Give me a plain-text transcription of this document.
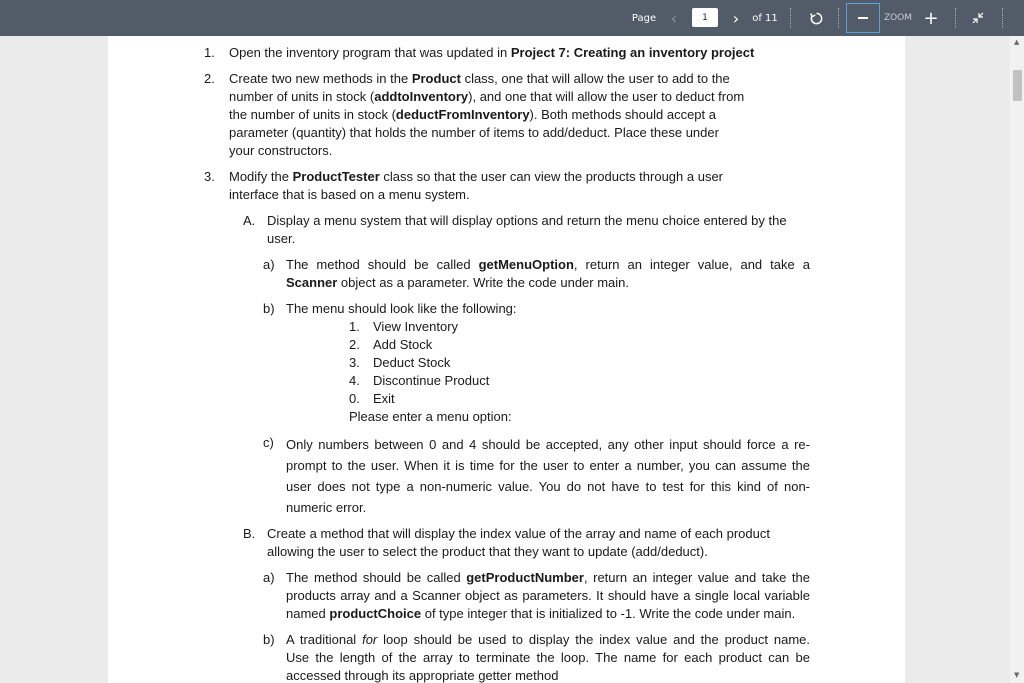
Page ‹
1	›	of 11	ZOOM +
1. Open the inventory program that was updated in Project 7: Creating an inventory project
2. Create two new methods in the Product class, one that will allow the user to add to the
number of units in stock (addtoInventory), and one that will allow the user to deduct from
the number of units in stock (deductFromInventory). Both methods should accept a
parameter (quantity) that holds the number of items to add/deduct. Place these under
your constructors.
3. Modify the ProductTester class so that the user can view the products through a user
interface that is based on a menu system.
A. Display a menu system that will display options and return the menu choice entered by the
user.
a) The method should be called getMenuOption, return an integer value, and take a
Scanner object as a parameter. Write the code under main.
b) The menu should look like the following:
1. View Inventory
2. Add Stock
3. Deduct Stock
4. Discontinue Product
0. Exit
Please enter a menu option:
c) Only numbers between 0 and 4 should be accepted, any other input should force a re-
prompt to the user. When it is time for the user to enter a number, you can assume the
user does not type a non-numeric value. You do not have to test for this kind of non-
numeric error.
B. Create a method that will display the index value of the array and name of each product
allowing the user to select the product that they want to update (add/deduct).
a) The method should be called getProductNumber, return an integer value and take the
products array and a Scanner object as parameters. It should have a single local variable
named productChoice of type integer that is initialized to -1. Write the code under main.
b) A traditional for loop should be used to display the index value and the product name.
Use the length of the array to terminate the loop. The name for each product can be
accessed through its appropriate getter method
▲
▼
